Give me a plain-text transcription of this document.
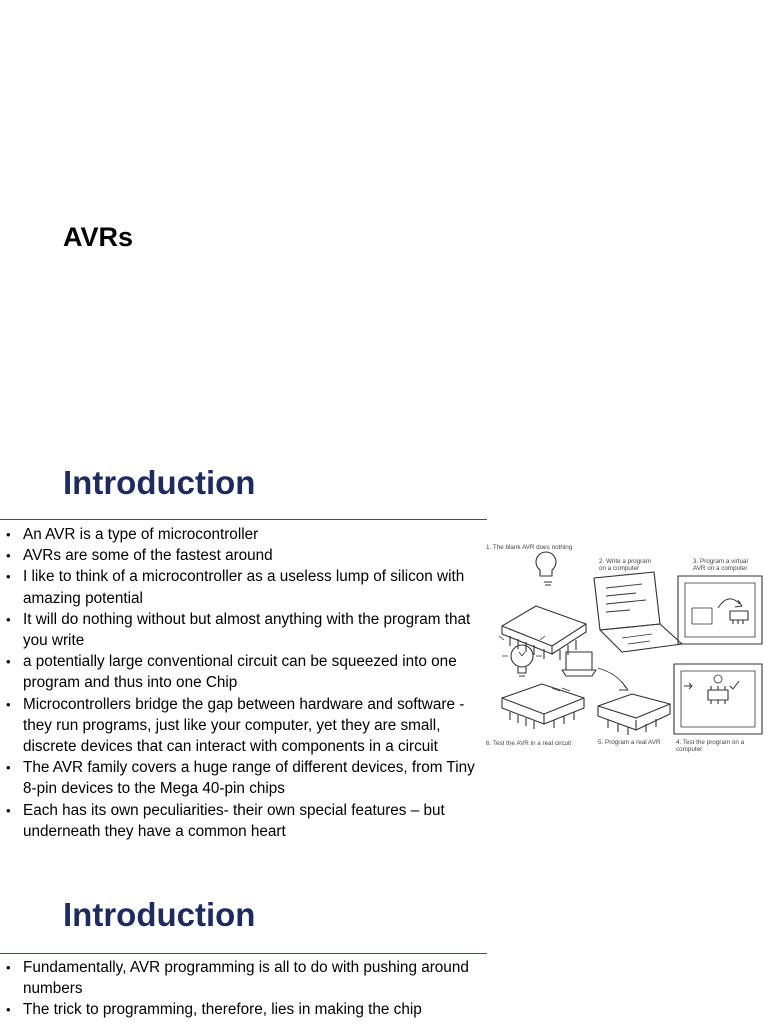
AVRs
Introduction
• An AVR is a type of microcontroller
• AVRs are some of the fastest around
• I like to think of a microcontroller as a useless lump of silicon with amazing potential
• It will do nothing without but almost anything with the program that you write
• a potentially large conventional circuit can be squeezed into one program and thus into one Chip
• Microcontrollers bridge the gap between hardware and software - they run programs, just like your computer, yet they are small, discrete devices that can interact with components in a circuit
• The AVR family covers a huge range of different devices, from Tiny 8-pin devices to the Mega 40-pin chips
• Each has its own peculiarities- their own special features – but underneath they have a common heart
1. The blank AVR does nothing
2. Write a program
on a computer
3. Program a virtual
AVR on a computer
6. Test the AVR in a real circuit	5. Program a real AVR 4. Test the program on a
computer
Introduction
• Fundamentally, AVR programming is all to do with pushing around numbers
• The trick to programming, therefore, lies in making the chip
